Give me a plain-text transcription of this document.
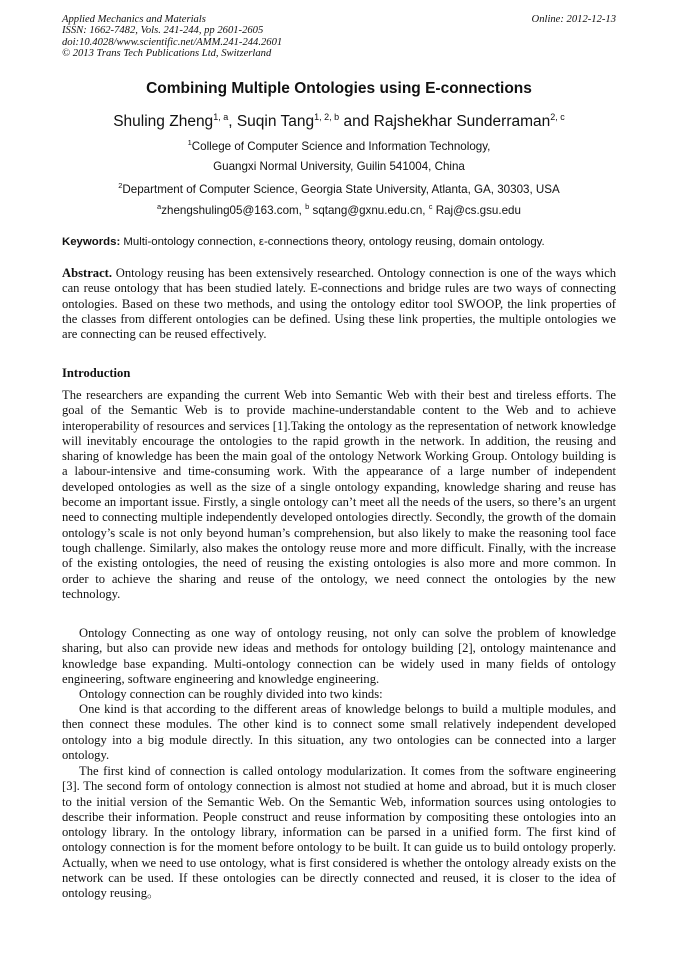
Applied Mechanics and Materials
ISSN: 1662-7482, Vols. 241-244, pp 2601-2605
doi:10.4028/www.scientific.net/AMM.241-244.2601
© 2013 Trans Tech Publications Ltd, Switzerland
Online: 2012-12-13
Combining Multiple Ontologies using E-connections
Shuling Zheng$^{1, a}$, Suqin Tang$^{1, 2, b}$ and Rajshekhar Sunderraman$^{2, c}$
$^1$College of Computer Science and Information Technology,
Guangxi Normal University, Guilin 541004, China
$^2$Department of Computer Science, Georgia State University, Atlanta, GA, 30303, USA
$^a$zhengshuling05@163.com, $^b$ sqtang@gxnu.edu.cn, $^c$ Raj@cs.gsu.edu
Keywords: Multi-ontology connection, ε-connections theory, ontology reusing, domain ontology.

Abstract. Ontology reusing has been extensively researched. Ontology connection is one of the ways which can reuse ontology that has been studied lately. E-connections and bridge rules are two ways of connecting ontologies. Based on these two methods, and using the ontology editor tool SWOOP, the link properties of the classes from different ontologies can be defined. Using these link properties, the multiple ontologies we are connecting can be reused effectively.

Introduction

The researchers are expanding the current Web into Semantic Web with their best and tireless efforts. The goal of the Semantic Web is to provide machine-understandable content to the Web and to achieve interoperability of resources and services [1].Taking the ontology as the representation of network knowledge will inevitably encourage the ontologies to the rapid growth in the network. In addition, the reusing and sharing of knowledge has been the main goal of the ontology Network Working Group. Ontology building is a labour-intensive and time-consuming work. With the appearance of a large number of independent developed ontologies as well as the size of a single ontology expanding, knowledge sharing and reuse has become an important issue. Firstly, a single ontology can’t meet all the needs of the users, so there’s an urgent need to connecting multiple independently developed ontologies directly. Secondly, the growth of the domain ontology’s scale is not only beyond human’s comprehension, but also likely to make the reasoning tool face tough challenge. Similarly, also makes the ontology reuse more and more difficult. Finally, with the increase of the existing ontologies, the need of reusing the existing ontologies is also more and more common. In order to achieve the sharing and reuse of the ontology, we need connect the ontologies by the new technology.

Ontology Connecting as one way of ontology reusing, not only can solve the problem of knowledge sharing, but also can provide new ideas and methods for ontology building [2], ontology maintenance and knowledge base expanding. Multi-ontology connection can be widely used in many fields of ontology engineering, software engineering and knowledge engineering.

Ontology connection can be roughly divided into two kinds:

One kind is that according to the different areas of knowledge belongs to build a multiple modules, and then connect these modules. The other kind is to connect some small relatively independent developed ontology into a big module directly. In this situation, any two ontologies can be connected into a larger ontology.

The first kind of connection is called ontology modularization. It comes from the software engineering [3]. The second form of ontology connection is almost not studied at home and abroad, but it is much closer to the initial version of the Semantic Web. On the Semantic Web, information sources using ontologies to describe their information. People construct and reuse information by compositing these ontologies into an ontology library. In the ontology library, information can be parsed in a unified form. The first kind of ontology connection is for the moment before ontology to be built. It can guide us to build ontology properly. Actually, when we need to use ontology, what is first considered is whether the ontology already exists on the network can be used. If these ontologies can be directly connected and reused, it is closer to the idea of ontology reusing。
